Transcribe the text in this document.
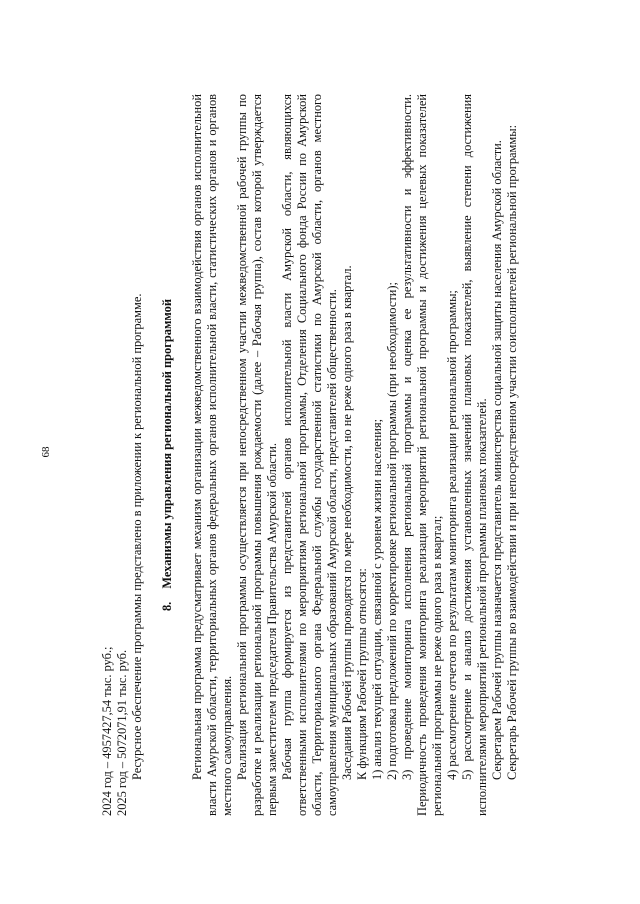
68
2024 год – 4957427,54 тыс. руб.; 2025 год – 5072071,91 тыс. руб. Ресурсное обеспечение программы представлено в приложении к региональной программе. 8. Механизмы управления региональной программой Региональная программа предусматривает механизм организации межведомственного взаимодействия органов исполнительной власти Амурской области, территориальных органов федеральных органов исполнительной власти, статистических органов и органов местного самоуправления. Реализация региональной программы осуществляется при непосредственном участии межведомственной рабочей группы по разработке и реализации региональной программы повышения рождаемости (далее – Рабочая группа), состав которой утверждается первым заместителем председателя Правительства Амурской области. Рабочая группа формируется из представителей органов исполнительной власти Амурской области, являющихся ответственными исполнителями по мероприятиям региональной программы, Отделения Социального фонда России по Амурской области, Территориального органа Федеральной службы государственной статистики по Амурской области, органов местного самоуправления муниципальных образований Амурской области, представителей общественности. Заседания Рабочей группы проводятся по мере необходимости, но не реже одного раза в квартал. К функциям Рабочей группы относятся: 1) анализ текущей ситуации, связанной с уровнем жизни населения; 2) подготовка предложений по корректировке региональной программы (при необходимости); 3) проведение мониторинга исполнения региональной программы и оценка ее результативности и эффективности. Периодичность проведения мониторинга реализации мероприятий региональной программы и достижения целевых показателей региональной программы не реже одного раза в квартал; 4) рассмотрение отчетов по результатам мониторинга реализации региональной программы; 5) рассмотрение и анализ достижения установленных значений плановых показателей, выявление степени достижения исполнителями мероприятий региональной программы плановых показателей. Секретарем Рабочей группы назначается представитель министерства социальной защиты населения Амурской области. Секретарь Рабочей группы во взаимодействии и при непосредственном участии соисполнителей региональной программы:
